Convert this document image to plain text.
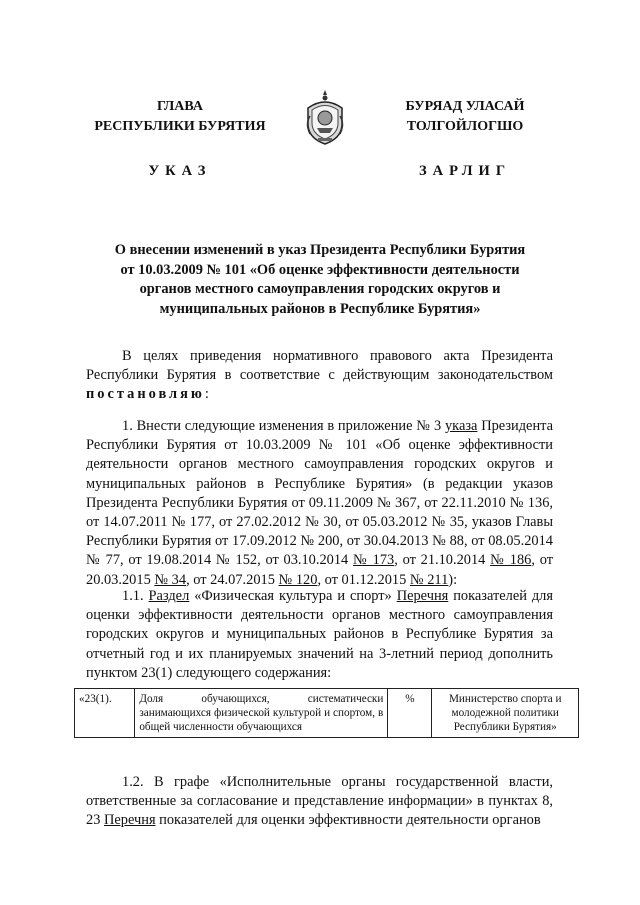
ГЛАВА
РЕСПУБЛИКИ БУРЯТИЯ
УКАЗ
БУРЯАД УЛАСАЙ
ТОЛГОЙЛОГШО
ЗАРЛИГ
О внесении изменений в указ Президента Республики Бурятия
от 10.03.2009 № 101 «Об оценке эффективности деятельности
органов местного самоуправления городских округов и
муниципальных районов в Республике Бурятия»
В целях приведения нормативного правового акта Президента Республики Бурятия в соответствие с действующим законодательством постановляю:
1. Внести следующие изменения в приложение № 3 указа Президента Республики Бурятия от 10.03.2009 № 101 «Об оценке эффективности деятельности органов местного самоуправления городских округов и муниципальных районов в Республике Бурятия» (в редакции указов Президента Республики Бурятия от 09.11.2009 № 367, от 22.11.2010 № 136, от 14.07.2011 № 177, от 27.02.2012 № 30, от 05.03.2012 № 35, указов Главы Республики Бурятия от 17.09.2012 № 200, от 30.04.2013 № 88, от 08.05.2014 № 77, от 19.08.2014 № 152, от 03.10.2014 № 173, от 21.10.2014 № 186, от 20.03.2015 № 34, от 24.07.2015 № 120, от 01.12.2015 № 211):
1.1. Раздел «Физическая культура и спорт» Перечня показателей для оценки эффективности деятельности органов местного самоуправления городских округов и муниципальных районов в Республике Бурятия за отчетный год и их планируемых значений на 3-летний период дополнить пунктом 23(1) следующего содержания:
«23(1).	Доля обучающихся, систематически занимающихся физической культурой и спортом, в общей численности обучающихся	%	Министерство спорта и молодежной политики Республики Бурятия»
1.2. В графе «Исполнительные органы государственной власти, ответственные за согласование и представление информации» в пунктах 8, 23 Перечня показателей для оценки эффективности деятельности органов
